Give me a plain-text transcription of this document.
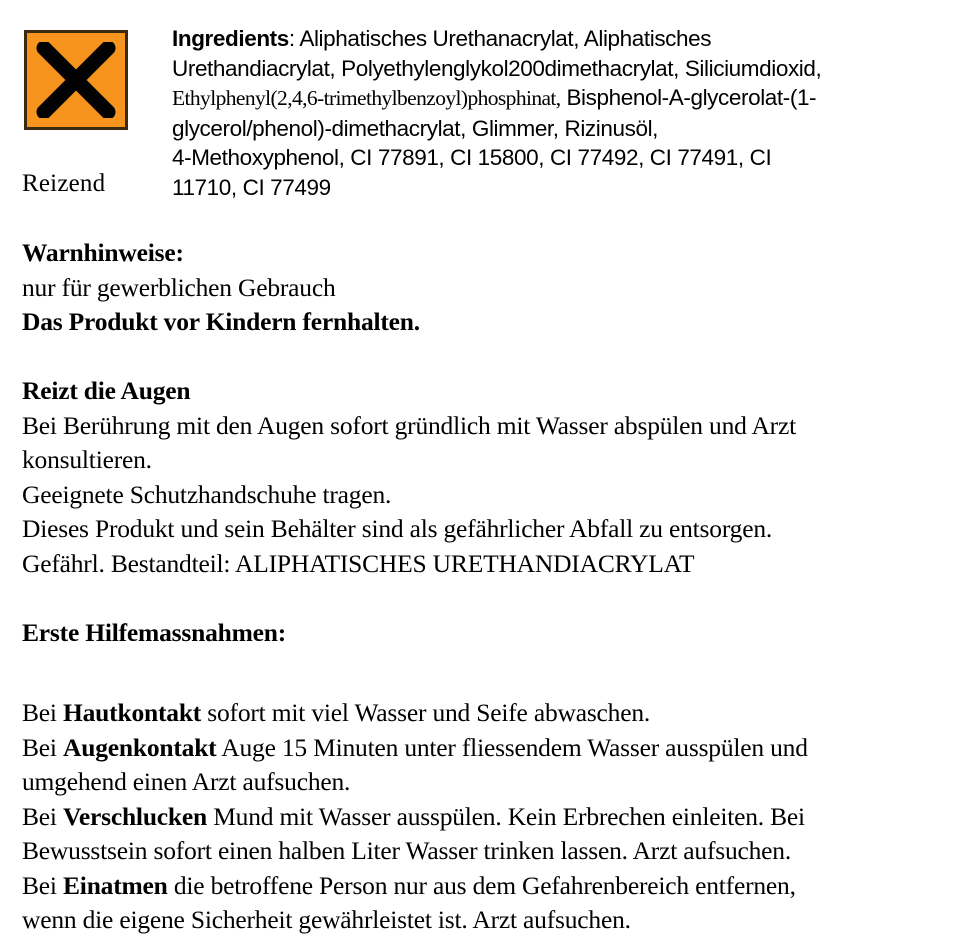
Reizend
Ingredients: Aliphatisches Urethanacrylat, Aliphatisches
Urethandiacrylat, Polyethylenglykol200dimethacrylat, Siliciumdioxid,
Ethylphenyl(2,4,6-trimethylbenzoyl)phosphinat, Bisphenol-A-glycerolat-(1-
glycerol/phenol)-dimethacrylat, Glimmer, Rizinusöl,
4-Methoxyphenol, CI 77891, CI 15800, CI 77492, CI 77491, CI
11710, CI 77499
Warnhinweise:
nur für gewerblichen Gebrauch
Das Produkt vor Kindern fernhalten.
Reizt die Augen
Bei Berührung mit den Augen sofort gründlich mit Wasser abspülen und Arzt
konsultieren.
Geeignete Schutzhandschuhe tragen.
Dieses Produkt und sein Behälter sind als gefährlicher Abfall zu entsorgen.
Gefährl. Bestandteil: ALIPHATISCHES URETHANDIACRYLAT
Erste Hilfemassnahmen:
Bei Hautkontakt sofort mit viel Wasser und Seife abwaschen.
Bei Augenkontakt Auge 15 Minuten unter fliessendem Wasser ausspülen und
umgehend einen Arzt aufsuchen.
Bei Verschlucken Mund mit Wasser ausspülen. Kein Erbrechen einleiten. Bei
Bewusstsein sofort einen halben Liter Wasser trinken lassen. Arzt aufsuchen.
Bei Einatmen die betroffene Person nur aus dem Gefahrenbereich entfernen,
wenn die eigene Sicherheit gewährleistet ist. Arzt aufsuchen.
